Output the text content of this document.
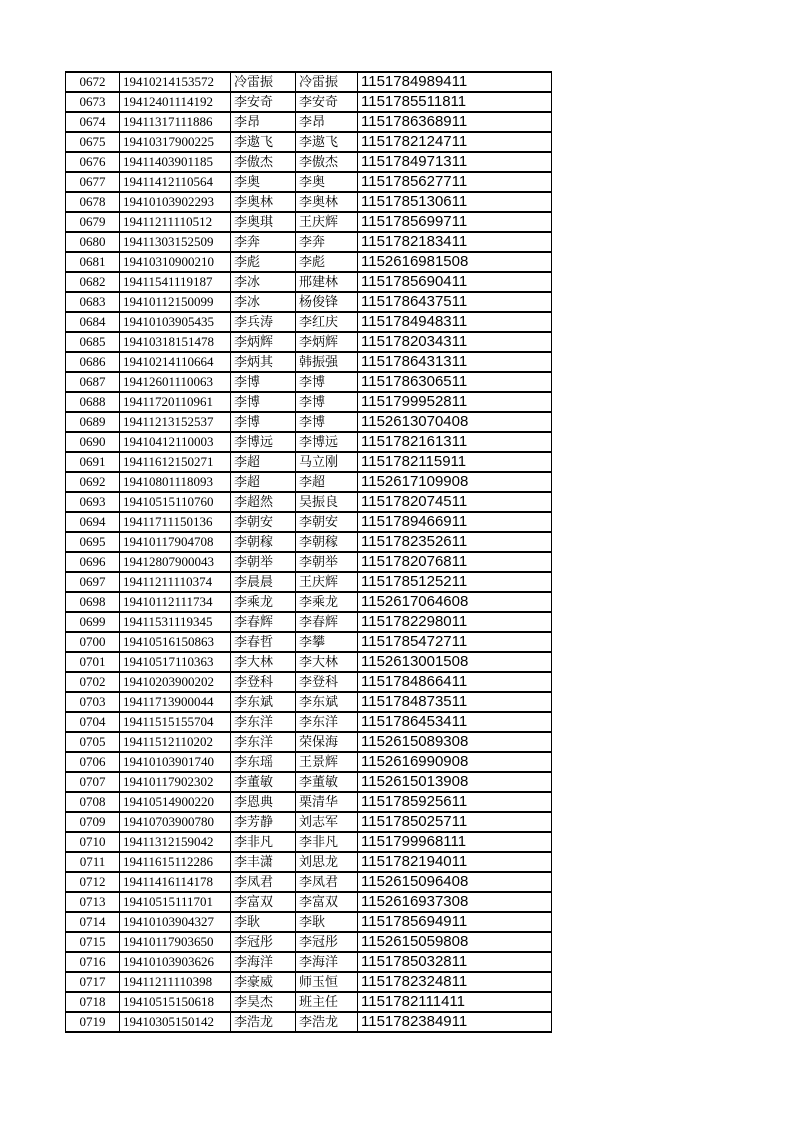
0672	19410214153572	冷雷振	冷雷振	1151784989411
0673	19412401114192	李安奇	李安奇	1151785511811
0674	19411317111886	李昂	李昂	1151786368911
0675	19410317900225	李遨飞	李遨飞	1151782124711
0676	19411403901185	李傲杰	李傲杰	1151784971311
0677	19411412110564	李奥	李奥	1151785627711
0678	19410103902293	李奥林	李奥林	1151785130611
0679	19411211110512	李奥琪	王庆辉	1151785699711
0680	19411303152509	李奔	李奔	1151782183411
0681	19410310900210	李彪	李彪	1152616981508
0682	19411541119187	李冰	邢建林	1151785690411
0683	19410112150099	李冰	杨俊锋	1151786437511
0684	19410103905435	李兵涛	李红庆	1151784948311
0685	19410318151478	李炳辉	李炳辉	1151782034311
0686	19410214110664	李炳其	韩振强	1151786431311
0687	19412601110063	李博	李博	1151786306511
0688	19411720110961	李博	李博	1151799952811
0689	19411213152537	李博	李博	1152613070408
0690	19410412110003	李博远	李博远	1151782161311
0691	19411612150271	李超	马立刚	1151782115911
0692	19410801118093	李超	李超	1152617109908
0693	19410515110760	李超然	吴振良	1151782074511
0694	19411711150136	李朝安	李朝安	1151789466911
0695	19410117904708	李朝稼	李朝稼	1151782352611
0696	19412807900043	李朝举	李朝举	1151782076811
0697	19411211110374	李晨晨	王庆辉	1151785125211
0698	19410112111734	李乘龙	李乘龙	1152617064608
0699	19411531119345	李春辉	李春辉	1151782298011
0700	19410516150863	李春哲	李攀	1151785472711
0701	19410517110363	李大林	李大林	1152613001508
0702	19410203900202	李登科	李登科	1151784866411
0703	19411713900044	李东斌	李东斌	1151784873511
0704	19411515155704	李东洋	李东洋	1151786453411
0705	19411512110202	李东洋	荣保海	1152615089308
0706	19410103901740	李东瑶	王景辉	1152616990908
0707	19410117902302	李董敏	李董敏	1152615013908
0708	19410514900220	李恩典	栗清华	1151785925611
0709	19410703900780	李芳静	刘志军	1151785025711
0710	19411312159042	李非凡	李非凡	1151799968111
0711	19411615112286	李丰潇	刘思龙	1151782194011
0712	19411416114178	李凤君	李凤君	1152615096408
0713	19410515111701	李富双	李富双	1152616937308
0714	19410103904327	李耿	李耿	1151785694911
0715	19410117903650	李冠彤	李冠彤	1152615059808
0716	19410103903626	李海洋	李海洋	1151785032811
0717	19411211110398	李豪威	师玉恒	1151782324811
0718	19410515150618	李昊杰	班主任	1151782111411
0719	19410305150142	李浩龙	李浩龙	1151782384911
